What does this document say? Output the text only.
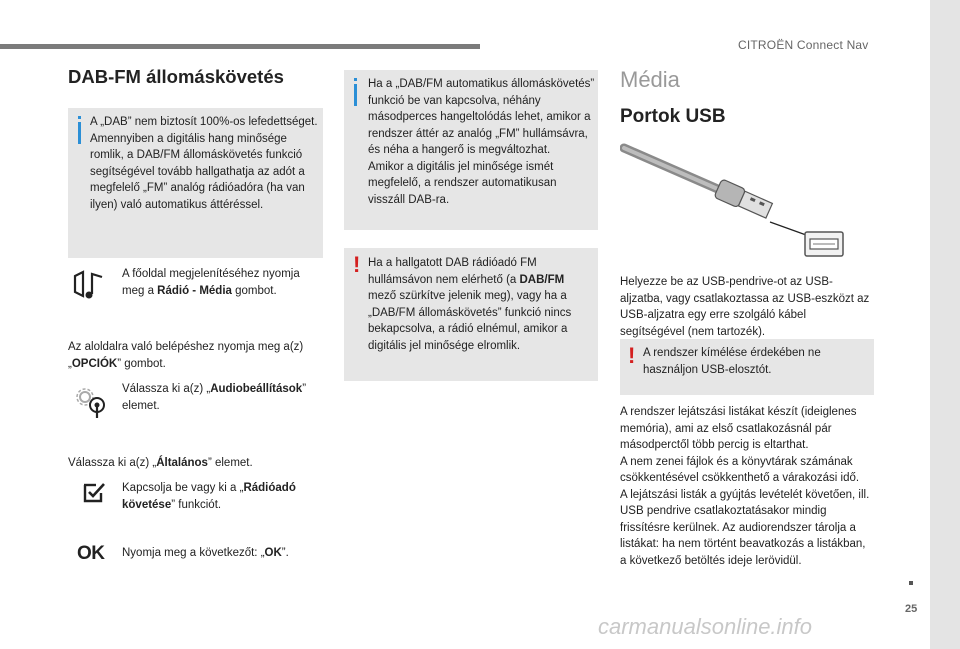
CITROËN Connect Nav
25
DAB-FM állomáskövetés
A „DAB” nem biztosít 100%-os lefedettséget.
Amennyiben a digitális hang minősége romlik, a DAB/FM állomáskövetés funkció segítségével tovább hallgathatja az adót a megfelelő „FM” analóg rádióadóra (ha van ilyen) való automatikus áttéréssel.
A főoldal megjelenítéséhez nyomja meg a Rádió - Média gombot.
Az aloldalra való belépéshez nyomja meg a(z) „OPCIÓK” gombot.
Válassza ki a(z) „Audiobeállítások” elemet.
Válassza ki a(z) „Általános” elemet.
Kapcsolja be vagy ki a „Rádióadó követése” funkciót.
OK Nyomja meg a következőt: „OK”.
Ha a „DAB/FM automatikus állomáskövetés” funkció be van kapcsolva, néhány másodperces hangeltolódás lehet, amikor a rendszer áttér az analóg „FM” hullámsávra, és néha a hangerő is megváltozhat.
Amikor a digitális jel minősége ismét megfelelő, a rendszer automatikusan visszáll DAB-ra.
! Ha a hallgatott DAB rádióadó FM hullámsávon nem elérhető (a DAB/FM mező szürkítve jelenik meg), vagy ha a „DAB/FM állomáskövetés” funkció nincs bekapcsolva, a rádió elnémul, amikor a digitális jel minősége elromlik.
Média
Portok USB
Helyezze be az USB-pendrive-ot az USB-aljzatba, vagy csatlakoztassa az USB-eszközt az USB-aljzatra egy erre szolgáló kábel segítségével (nem tartozék).
! A rendszer kímélése érdekében ne használjon USB-elosztót.
A rendszer lejátszási listákat készít (ideiglenes memória), ami az első csatlakozásnál pár másodperctől több percig is eltarthat.
A nem zenei fájlok és a könyvtárak számának csökkentésével csökkenthető a várakozási idő.
A lejátszási listák a gyújtás levételét követően, ill. USB pendrive csatlakoztatásakor mindig frissítésre kerülnek. Az audiorendszer tárolja a listákat: ha nem történt beavatkozás a listákban, a következő betöltés ideje lerövidül.
carmanualsonline.info
